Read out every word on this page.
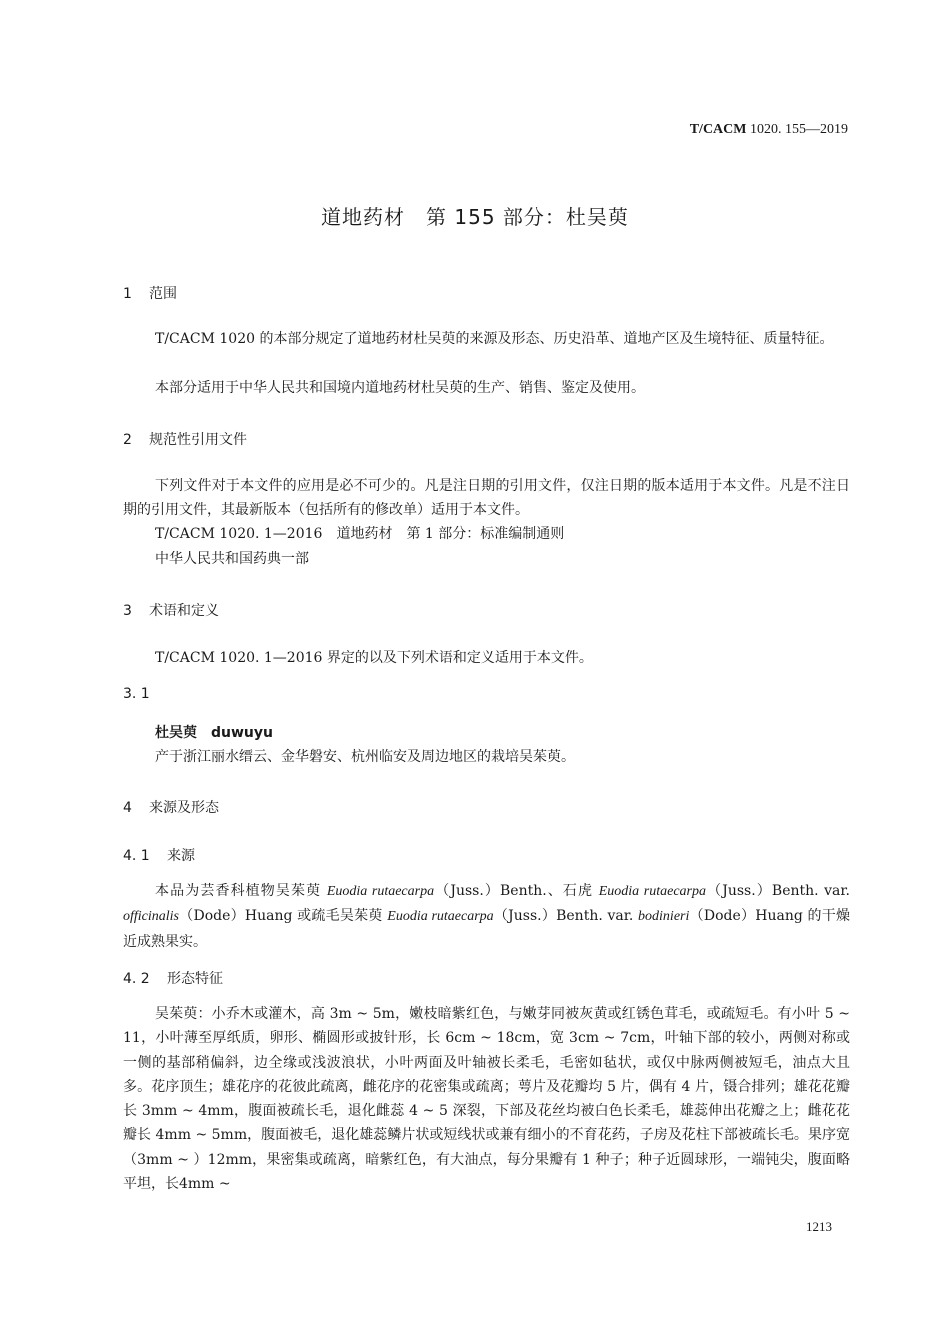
T/CACM 1020. 155—2019
道地药材　第 155 部分：杜吴萸
1 范围
T/CACM 1020 的本部分规定了道地药材杜吴萸的来源及形态、历史沿革、道地产区及生境特征、质量特征。
本部分适用于中华人民共和国境内道地药材杜吴萸的生产、销售、鉴定及使用。
2 规范性引用文件
下列文件对于本文件的应用是必不可少的。凡是注日期的引用文件，仅注日期的版本适用于本文件。凡是不注日期的引用文件，其最新版本（包括所有的修改单）适用于本文件。
T/CACM 1020. 1—2016　道地药材　第 1 部分：标准编制通则
中华人民共和国药典一部
3 术语和定义
T/CACM 1020. 1—2016 界定的以及下列术语和定义适用于本文件。
3. 1
杜吴萸　 duwuyu
产于浙江丽水缙云、金华磐安、杭州临安及周边地区的栽培吴茱萸。
4 来源及形态
4. 1 来源
本品为芸香科植物吴茱萸 Euodia rutaecarpa（Juss.）Benth.、石虎 Euodia rutaecarpa（Juss.）Benth. var. officinalis（Dode）Huang 或疏毛吴茱萸 Euodia rutaecarpa（Juss.）Benth. var. bodinieri（Dode）Huang 的干燥近成熟果实。
4. 2 形态特征
吴茱萸：小乔木或灌木，高 3m ~ 5m，嫩枝暗紫红色，与嫩芽同被灰黄或红锈色茸毛，或疏短毛。有小叶 5 ~ 11，小叶薄至厚纸质，卵形、椭圆形或披针形，长 6cm ~ 18cm，宽 3cm ~ 7cm，叶轴下部的较小，两侧对称或一侧的基部稍偏斜，边全缘或浅波浪状，小叶两面及叶轴被长柔毛，毛密如毡状，或仅中脉两侧被短毛，油点大且多。花序顶生；雄花序的花彼此疏离，雌花序的花密集或疏离；萼片及花瓣均 5 片，偶有 4 片，镊合排列；雄花花瓣长 3mm ~ 4mm，腹面被疏长毛，退化雌蕊 4 ~ 5 深裂，下部及花丝均被白色长柔毛，雄蕊伸出花瓣之上；雌花花瓣长 4mm ~ 5mm，腹面被毛，退化雄蕊鳞片状或短线状或兼有细小的不育花药，子房及花柱下部被疏长毛。果序宽（3mm ~ ）12mm，果密集或疏离，暗紫红色，有大油点，每分果瓣有 1 种子；种子近圆球形，一端钝尖，腹面略平坦，长4mm ~
1213
